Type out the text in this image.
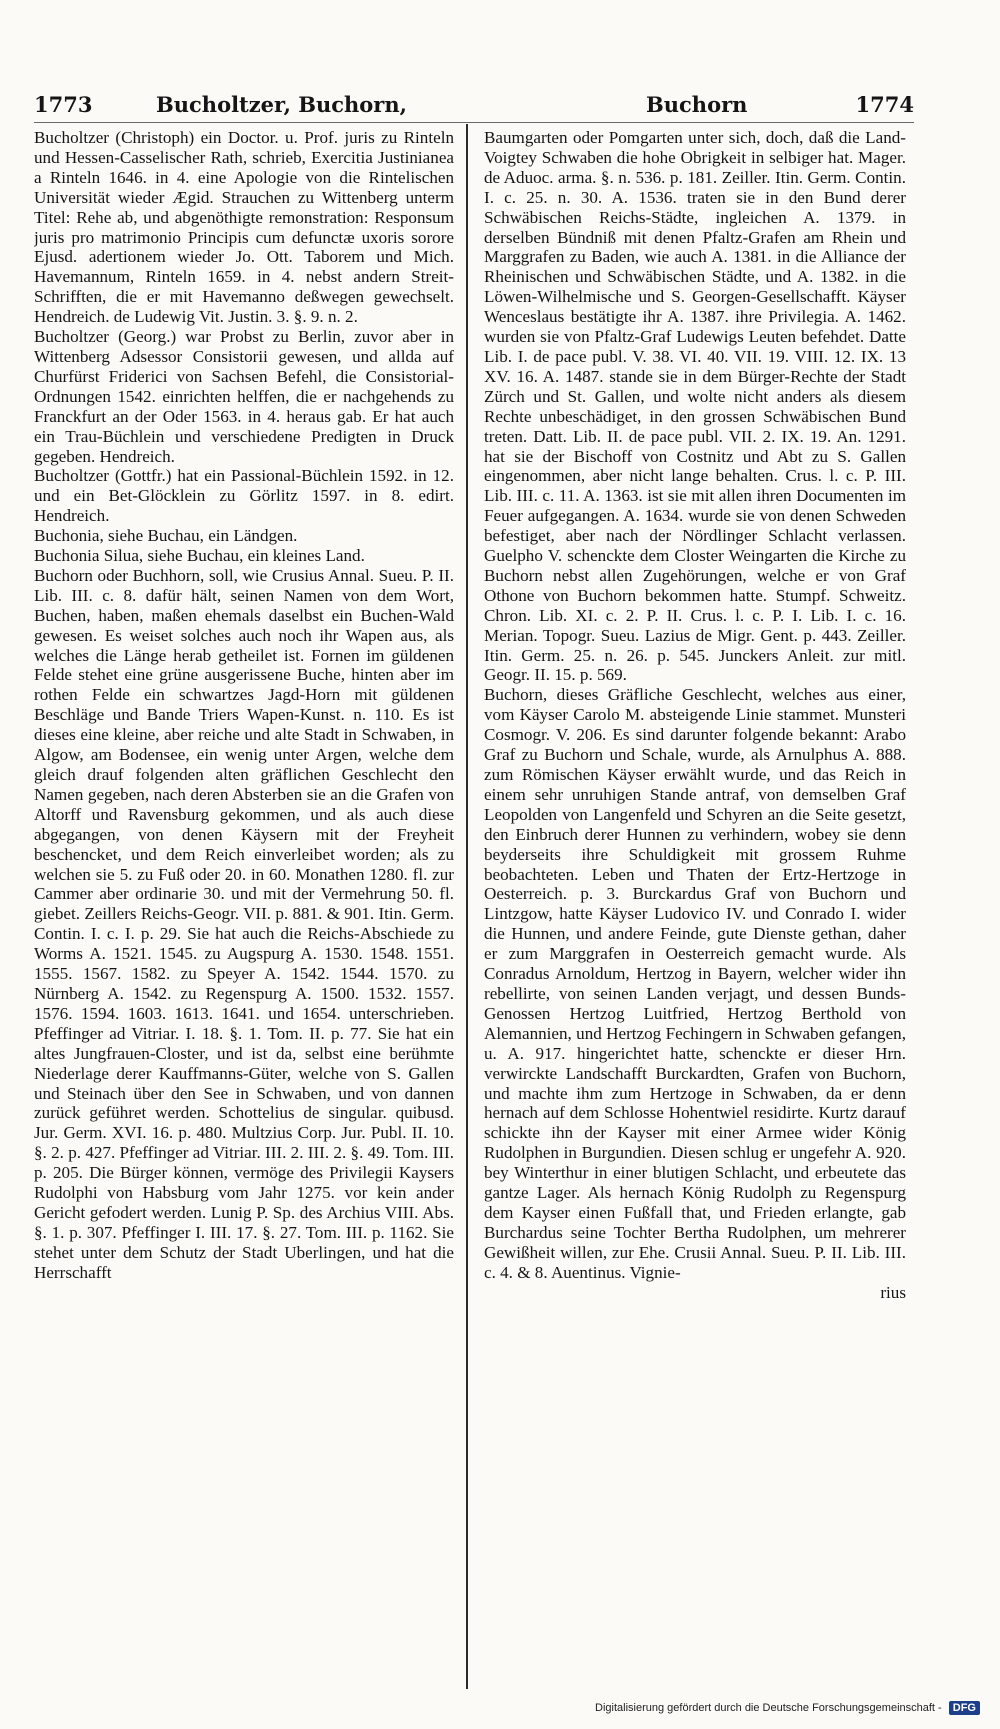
1773	Bucholtzer, Buchorn,	Buchorn	1774

Bucholtzer (Christoph) ein Doctor. u. Prof. juris zu Rinteln und Hessen-Casselischer Rath, schrieb, Exercitia Justinianea a Rinteln 1646. in 4. eine Apologie von die Rintelischen Universität wieder Ægid. Strauchen zu Wittenberg unterm Titel: Rehe ab, und abgenöthigte remonstration: Responsum juris pro matrimonio Principis cum defunctæ uxoris sorore Ejusd. adertionem wieder Jo. Ott. Taborem und Mich. Havemannum, Rinteln 1659. in 4. nebst andern Streit-Schrifften, die er mit Havemanno deßwegen gewechselt. Hendreich. de Ludewig Vit. Justin. 3. §. 9. n. 2.

Bucholtzer (Georg.) war Probst zu Berlin, zuvor aber in Wittenberg Adsessor Consistorii gewesen, und allda auf Churfürst Friderici von Sachsen Befehl, die Consistorial-Ordnungen 1542. einrichten helffen, die er nachgehends zu Franckfurt an der Oder 1563. in 4. heraus gab. Er hat auch ein Trau-Büchlein und verschiedene Predigten in Druck gegeben. Hendreich.

Bucholtzer (Gottfr.) hat ein Passional-Büchlein 1592. in 12. und ein Bet-Glöcklein zu Görlitz 1597. in 8. edirt. Hendreich.

Buchonia, siehe Buchau, ein Ländgen.

Buchonia Silua, siehe Buchau, ein kleines Land.

Buchorn oder Buchhorn, soll, wie Crusius Annal. Sueu. P. II. Lib. III. c. 8. dafür hält, seinen Namen von dem Wort, Buchen, haben, maßen ehemals daselbst ein Buchen-Wald gewesen. Es weiset solches auch noch ihr Wapen aus, als welches die Länge herab getheilet ist. Fornen im güldenen Felde stehet eine grüne ausgerissene Buche, hinten aber im rothen Felde ein schwartzes Jagd-Horn mit güldenen Beschläge und Bande Triers Wapen-Kunst. n. 110. Es ist dieses eine kleine, aber reiche und alte Stadt in Schwaben, in Algow, am Bodensee, ein wenig unter Argen, welche dem gleich drauf folgenden alten gräflichen Geschlecht den Namen gegeben, nach deren Absterben sie an die Grafen von Altorff und Ravensburg gekommen, und als auch diese abgegangen, von denen Käysern mit der Freyheit beschencket, und dem Reich einverleibet worden; als zu welchen sie 5. zu Fuß oder 20. in 60. Monathen 1280. fl. zur Cammer aber ordinarie 30. und mit der Vermehrung 50. fl. giebet. Zeillers Reichs-Geogr. VII. p. 881. & 901. Itin. Germ. Contin. I. c. I. p. 29. Sie hat auch die Reichs-Abschiede zu Worms A. 1521. 1545. zu Augspurg A. 1530. 1548. 1551. 1555. 1567. 1582. zu Speyer A. 1542. 1544. 1570. zu Nürnberg A. 1542. zu Regenspurg A. 1500. 1532. 1557. 1576. 1594. 1603. 1613. 1641. und 1654. unterschrieben. Pfeffinger ad Vitriar. I. 18. §. 1. Tom. II. p. 77. Sie hat ein altes Jungfrauen-Closter, und ist da, selbst eine berühmte Niederlage derer Kauffmanns-Güter, welche von S. Gallen und Steinach über den See in Schwaben, und von dannen zurück geführet werden. Schottelius de singular. quibusd. Jur. Germ. XVI. 16. p. 480. Multzius Corp. Jur. Publ. II. 10. §. 2. p. 427. Pfeffinger ad Vitriar. III. 2. III. 2. §. 49. Tom. III. p. 205. Die Bürger können, vermöge des Privilegii Kaysers Rudolphi von Habsburg vom Jahr 1275. vor kein ander Gericht gefodert werden. Lunig P. Sp. des Archius VIII. Abs. §. 1. p. 307. Pfeffinger I. III. 17. §. 27. Tom. III. p. 1162. Sie stehet unter dem Schutz der Stadt Uberlingen, und hat die Herrschafft

Baumgarten oder Pomgarten unter sich, doch, daß die Land-Voigtey Schwaben die hohe Obrigkeit in selbiger hat. Mager. de Aduoc. arma. §. n. 536. p. 181. Zeiller. Itin. Germ. Contin. I. c. 25. n. 30. A. 1536. traten sie in den Bund derer Schwäbischen Reichs-Städte, ingleichen A. 1379. in derselben Bündniß mit denen Pfaltz-Grafen am Rhein und Marggrafen zu Baden, wie auch A. 1381. in die Alliance der Rheinischen und Schwäbischen Städte, und A. 1382. in die Löwen-Wilhelmische und S. Georgen-Gesellschafft. Käyser Wenceslaus bestätigte ihr A. 1387. ihre Privilegia. A. 1462. wurden sie von Pfaltz-Graf Ludewigs Leuten befehdet. Datte Lib. I. de pace publ. V. 38. VI. 40. VII. 19. VIII. 12. IX. 13 XV. 16. A. 1487. stande sie in dem Bürger-Rechte der Stadt Zürch und St. Gallen, und wolte nicht anders als diesem Rechte unbeschädiget, in den grossen Schwäbischen Bund treten. Datt. Lib. II. de pace publ. VII. 2. IX. 19. An. 1291. hat sie der Bischoff von Costnitz und Abt zu S. Gallen eingenommen, aber nicht lange behalten. Crus. l. c. P. III. Lib. III. c. 11. A. 1363. ist sie mit allen ihren Documenten im Feuer aufgegangen. A. 1634. wurde sie von denen Schweden befestiget, aber nach der Nördlinger Schlacht verlassen. Guelpho V. schenckte dem Closter Weingarten die Kirche zu Buchorn nebst allen Zugehörungen, welche er von Graf Othone von Buchorn bekommen hatte. Stumpf. Schweitz. Chron. Lib. XI. c. 2. P. II. Crus. l. c. P. I. Lib. I. c. 16. Merian. Topogr. Sueu. Lazius de Migr. Gent. p. 443. Zeiller. Itin. Germ. 25. n. 26. p. 545. Junckers Anleit. zur mitl. Geogr. II. 15. p. 569.

Buchorn, dieses Gräfliche Geschlecht, welches aus einer, vom Käyser Carolo M. absteigende Linie stammet. Munsteri Cosmogr. V. 206. Es sind darunter folgende bekannt: Arabo Graf zu Buchorn und Schale, wurde, als Arnulphus A. 888. zum Römischen Käyser erwählt wurde, und das Reich in einem sehr unruhigen Stande antraf, von demselben Graf Leopolden von Langenfeld und Schyren an die Seite gesetzt, den Einbruch derer Hunnen zu verhindern, wobey sie denn beyderseits ihre Schuldigkeit mit grossem Ruhme beobachteten. Leben und Thaten der Ertz-Hertzoge in Oesterreich. p. 3. Burckardus Graf von Buchorn und Lintzgow, hatte Käyser Ludovico IV. und Conrado I. wider die Hunnen, und andere Feinde, gute Dienste gethan, daher er zum Marggrafen in Oesterreich gemacht wurde. Als Conradus Arnoldum, Hertzog in Bayern, welcher wider ihn rebellirte, von seinen Landen verjagt, und dessen Bunds-Genossen Hertzog Luitfried, Hertzog Berthold von Alemannien, und Hertzog Fechingern in Schwaben gefangen, u. A. 917. hingerichtet hatte, schenckte er dieser Hrn. verwirckte Landschafft Burckardten, Grafen von Buchorn, und machte ihm zum Hertzoge in Schwaben, da er denn hernach auf dem Schlosse Hohentwiel residirte. Kurtz darauf schickte ihn der Kayser mit einer Armee wider König Rudolphen in Burgundien. Diesen schlug er ungefehr A. 920. bey Winterthur in einer blutigen Schlacht, und erbeutete das gantze Lager. Als hernach König Rudolph zu Regenspurg dem Kayser einen Fußfall that, und Frieden erlangte, gab Burchardus seine Tochter Bertha Rudolphen, um mehrerer Gewißheit willen, zur Ehe. Crusii Annal. Sueu. P. II. Lib. III. c. 4. & 8. Auentinus. Vignie-

rius

Digitalisierung gefördert durch die Deutsche Forschungsgemeinschaft - DFG
